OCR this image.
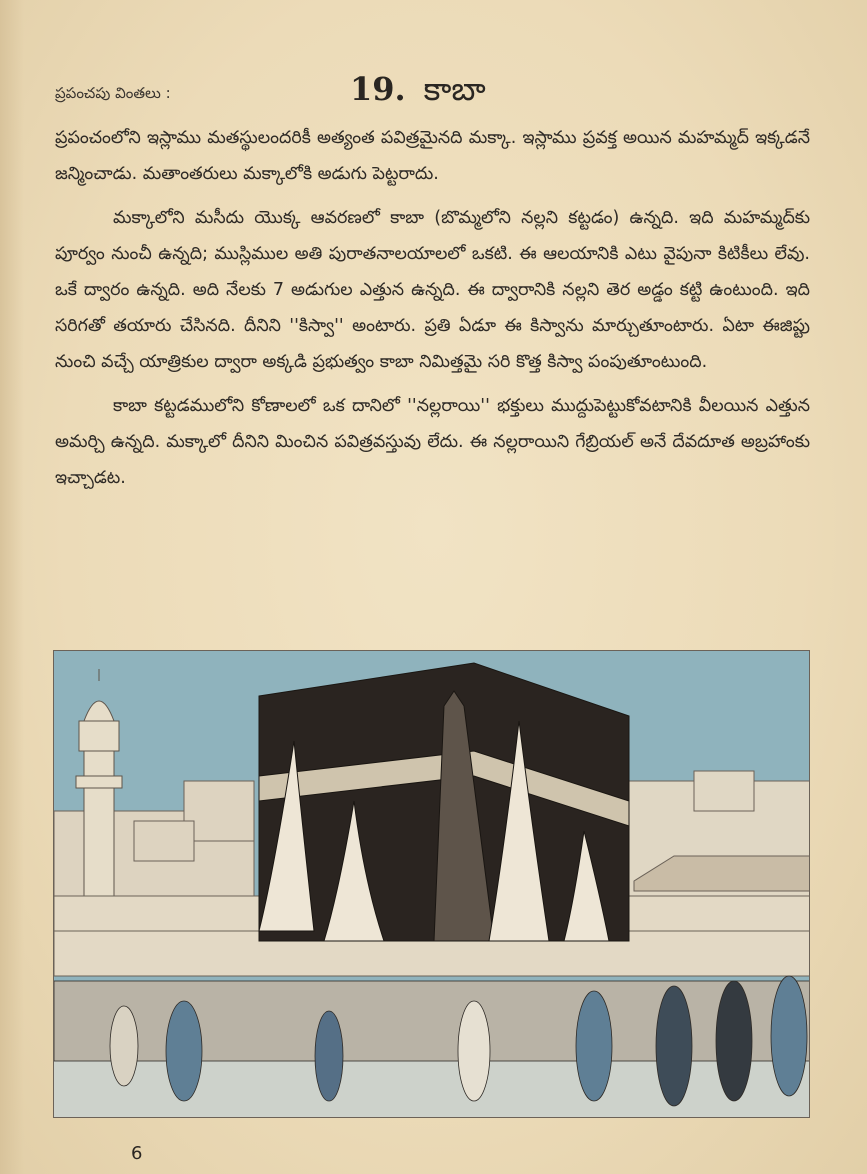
ప్రపంచపు వింతలు :	19. కాబా

ప్రపంచంలోని ఇస్లాము మతస్థులందరికీ అత్యంత పవిత్రమైనది మక్కా. ఇస్లాము ప్రవక్త అయిన మహమ్మద్ ఇక్కడనే జన్మించాడు. మతాంతరులు మక్కాలోకి అడుగు పెట్టరాదు.

మక్కాలోని మసీదు యొక్క ఆవరణలో కాబా (బొమ్మలోని నల్లని కట్టడం) ఉన్నది. ఇది మహమ్మద్‌కు పూర్వం నుంచీ ఉన్నది; ముస్లిముల అతి పురాతనాలయాలలో ఒకటి. ఈ ఆలయానికి ఎటు వైపునా కిటికీలు లేవు. ఒకే ద్వారం ఉన్నది. అది నేలకు 7 అడుగుల ఎత్తున ఉన్నది. ఈ ద్వారానికి నల్లని తెర అడ్డం కట్టి ఉంటుంది. ఇది సరిగతో తయారు చేసినది. దీనిని ''కిస్వా'' అంటారు. ప్రతి ఏడూ ఈ కిస్వాను మార్చుతూంటారు. ఏటా ఈజిప్టు నుంచి వచ్చే యాత్రికుల ద్వారా అక్కడి ప్రభుత్వం కాబా నిమిత్తమై సరి కొత్త కిస్వా పంపుతూంటుంది.

కాబా కట్టడములోని కోణాలలో ఒక దానిలో ''నల్లరాయి'' భక్తులు ముద్దుపెట్టుకోవటానికి వీలయిన ఎత్తున అమర్చి ఉన్నది. మక్కాలో దీనిని మించిన పవిత్రవస్తువు లేదు. ఈ నల్లరాయిని గేబ్రియల్ అనే దేవదూత అబ్రహాంకు ఇచ్చాడట.

6
